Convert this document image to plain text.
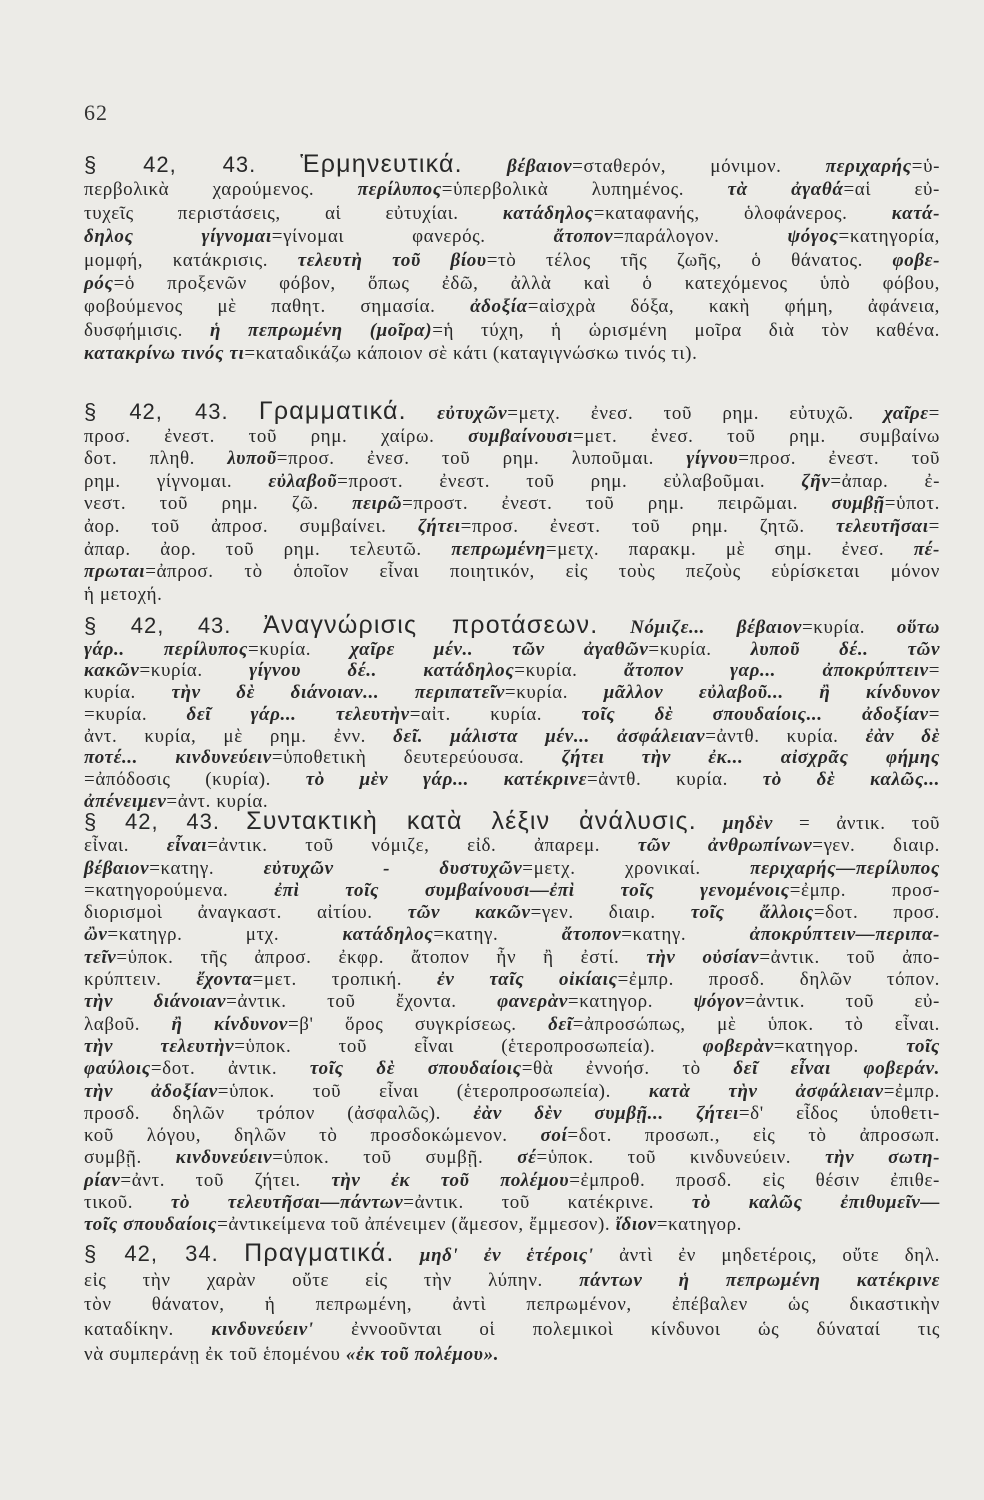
62
§ 42, 43. Ἑρμηνευτικά. βέβαιον=σταθερόν, μόνιμον. περιχαρής=ὑ-
περβολικὰ χαρούμενος. περίλυπος=ὑπερβολικὰ λυπημένος. τὰ ἀγαθά=αἱ εὐ-
τυχεῖς περιστάσεις, αἱ εὐτυχίαι. κατάδηλος=καταφανής, ὁλοφάνερος. κατά-
δηλος γίγνομαι=γίνομαι φανερός. ἄτοπον=παράλογον. ψόγος=κατηγορία,
μομφή, κατάκρισις. τελευτὴ τοῦ βίου=τὸ τέλος τῆς ζωῆς, ὁ θάνατος. φοβε-
ρός=ὁ προξενῶν φόβον, ὅπως ἐδῶ, ἀλλὰ καὶ ὁ κατεχόμενος ὑπὸ φόβου,
φοβούμενος μὲ παθητ. σημασία. ἀδοξία=αἰσχρὰ δόξα, κακὴ φήμη, ἀφάνεια,
δυσφήμισις. ἡ πεπρωμένη (μοῖρα)=ἡ τύχη, ἡ ὡρισμένη μοῖρα διὰ τὸν καθένα.
κατακρίνω τινός τι=καταδικάζω κάποιον σὲ κάτι (καταγιγνώσκω τινός τι).
§ 42, 43. Γραμματικά. εὐτυχῶν=μετχ. ἐνεσ. τοῦ ρημ. εὐτυχῶ. χαῖρε=
προσ. ἐνεστ. τοῦ ρημ. χαίρω. συμβαίνουσι=μετ. ἐνεσ. τοῦ ρημ. συμβαίνω
δοτ. πληθ. λυποῦ=προσ. ἐνεσ. τοῦ ρημ. λυποῦμαι. γίγνου=προσ. ἐνεστ. τοῦ
ρημ. γίγνομαι. εὐλαβοῦ=προστ. ἐνεστ. τοῦ ρημ. εὐλαβοῦμαι. ζῆν=ἀπαρ. ἐ-
νεστ. τοῦ ρημ. ζῶ. πειρῶ=προστ. ἐνεστ. τοῦ ρημ. πειρῶμαι. συμβῇ=ὑποτ.
ἀορ. τοῦ ἀπροσ. συμβαίνει. ζήτει=προσ. ἐνεστ. τοῦ ρημ. ζητῶ. τελευτῆσαι=
ἀπαρ. ἀορ. τοῦ ρημ. τελευτῶ. πεπρωμένη=μετχ. παρακμ. μὲ σημ. ἐνεσ. πέ-
πρωται=ἀπροσ. τὸ ὁποῖον εἶναι ποιητικόν, εἰς τοὺς πεζοὺς εὑρίσκεται μόνον
ἡ μετοχή.
§ 42, 43. Ἀναγνώρισις προτάσεων. Νόμιζε... βέβαιον=κυρία. οὕτω
γάρ.. περίλυπος=κυρία. χαῖρε μέν.. τῶν ἀγαθῶν=κυρία. λυποῦ δέ.. τῶν
κακῶν=κυρία. γίγνου δέ.. κατάδηλος=κυρία. ἄτοπον γαρ... ἀποκρύπτειν=
κυρία. τὴν δὲ διάνοιαν... περιπατεῖν=κυρία. μᾶλλον εὐλαβοῦ... ἢ κίνδυνον
=κυρία. δεῖ γάρ... τελευτὴν=αἰτ. κυρία. τοῖς δὲ σπουδαίοις... ἀδοξίαν=
ἀντ. κυρία, μὲ ρημ. ἐνν. δεῖ. μάλιστα μέν... ἀσφάλειαν=ἀντθ. κυρία. ἐὰν δὲ
ποτέ... κινδυνεύειν=ὑποθετικὴ δευτερεύουσα. ζήτει τὴν ἐκ... αἰσχρᾶς φήμης
=ἀπόδοσις (κυρία). τὸ μὲν γάρ... κατέκρινε=ἀντθ. κυρία. τὸ δὲ καλῶς...
ἀπένειμεν=ἀντ. κυρία.
§ 42, 43. Συντακτικὴ κατὰ λέξιν ἀνάλυσις. μηδὲν = ἀντικ. τοῦ
εἶναι. εἶναι=ἀντικ. τοῦ νόμιζε, εἰδ. ἀπαρεμ. τῶν ἀνθρωπίνων=γεν. διαιρ.
βέβαιον=κατηγ. εὐτυχῶν - δυστυχῶν=μετχ. χρονικαί. περιχαρής—περίλυπος
=κατηγορούμενα. ἐπὶ τοῖς συμβαίνουσι—ἐπὶ τοῖς γενομένοις=ἐμπρ. προσ-
διορισμοὶ ἀναγκαστ. αἰτίου. τῶν κακῶν=γεν. διαιρ. τοῖς ἄλλοις=δοτ. προσ.
ὢν=κατηγρ. μτχ. κατάδηλος=κατηγ. ἄτοπον=κατηγ. ἀποκρύπτειν—περιπα-
τεῖν=ὑποκ. τῆς ἀπροσ. ἐκφρ. ἄτοπον ἦν ἢ ἐστί. τὴν οὐσίαν=ἀντικ. τοῦ ἀπο-
κρύπτειν. ἔχοντα=μετ. τροπική. ἐν ταῖς οἰκίαις=ἐμπρ. προσδ. δηλῶν τόπον.
τὴν διάνοιαν=ἀντικ. τοῦ ἔχοντα. φανερὰν=κατηγορ. ψόγον=ἀντικ. τοῦ εὐ-
λαβοῦ. ἢ κίνδυνον=β' ὅρος συγκρίσεως. δεῖ=ἀπροσώπως, μὲ ὑποκ. τὸ εἶναι.
τὴν τελευτὴν=ὑποκ. τοῦ εἶναι (ἑτεροπροσωπεία). φοβερὰν=κατηγορ. τοῖς
φαύλοις=δοτ. ἀντικ. τοῖς δὲ σπουδαίοις=θὰ ἐννοήσ. τὸ δεῖ εἶναι φοβεράν.
τὴν ἀδοξίαν=ὑποκ. τοῦ εἶναι (ἑτεροπροσωπεία). κατὰ τὴν ἀσφάλειαν=ἐμπρ.
προσδ. δηλῶν τρόπον (ἀσφαλῶς). ἐὰν δὲν συμβῇ... ζήτει=δ' εἶδος ὑποθετι-
κοῦ λόγου, δηλῶν τὸ προσδοκώμενον. σοί=δοτ. προσωπ., εἰς τὸ ἀπροσωπ.
συμβῇ. κινδυνεύειν=ὑποκ. τοῦ συμβῇ. σέ=ὑποκ. τοῦ κινδυνεύειν. τὴν σωτη-
ρίαν=ἀντ. τοῦ ζήτει. τὴν ἐκ τοῦ πολέμου=ἐμπροθ. προσδ. εἰς θέσιν ἐπιθε-
τικοῦ. τὸ τελευτῆσαι—πάντων=ἀντικ. τοῦ κατέκρινε. τὸ καλῶς ἐπιθυμεῖν—
τοῖς σπουδαίοις=ἀντικείμενα τοῦ ἀπένειμεν (ἄμεσον, ἔμμεσον). ἴδιον=κατηγορ.
§ 42, 34. Πραγματικά. μηδ' ἐν ἑτέροις' ἀντὶ ἐν μηδετέροις, οὔτε δηλ.
εἰς τὴν χαρὰν οὔτε εἰς τὴν λύπην. πάντων ἡ πεπρωμένη κατέκρινε
τὸν θάνατον, ἡ πεπρωμένη, ἀντὶ πεπρωμένον, ἐπέβαλεν ὡς δικαστικὴν
καταδίκην. κινδυνεύειν' ἐννοοῦνται οἱ πολεμικοὶ κίνδυνοι ὡς δύναταί τις
νὰ συμπεράνῃ ἐκ τοῦ ἑπομένου «ἐκ τοῦ πολέμου».
